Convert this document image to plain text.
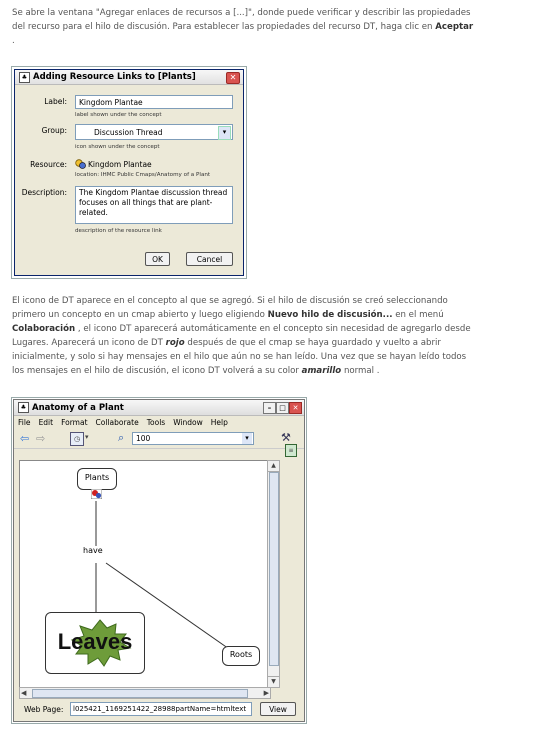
Se abre la ventana "Agregar enlaces de recursos a [...]", donde puede verificar y describir las propiedades
del recurso para el hilo de discusión. Para establecer las propiedades del recurso DT, haga clic en Aceptar
.
♣ Adding Resource Links to [Plants]	✕
Label:	Kingdom Plantae
label shown under the concept
Group:	Discussion Thread	▾
icon shown under the concept
Resource:	Kingdom Plantae
location: IHMC Public Cmaps/Anatomy of a Plant
Description:	The Kingdom Plantae discussion thread focuses on all things that are plant-related.
description of the resource link
OK	Cancel
El icono de DT aparece en el concepto al que se agregó. Si el hilo de discusión se creó seleccionando
primero un concepto en un cmap abierto y luego eligiendo Nuevo hilo de discusión... en el menú
Colaboración , el icono DT aparecerá automáticamente en el concepto sin necesidad de agregarlo desde
Lugares. Aparecerá un icono de DT rojo después de que el cmap se haya guardado y vuelto a abrir
inicialmente, y solo si hay mensajes en el hilo que aún no se han leído. Una vez que se hayan leído todos
los mensajes en el hilo de discusión, el icono DT volverá a su color amarillo normal .
♣ Anatomy of a Plant	–	□ ✕
File Edit Format Collaborate Tools Window Help
⇦ ⇨	◷ ▾	⌕	100	▾	⚒
≡
Plants
have
Leaves
Roots
▲
▼
◀	▶
Web Page:	l025421_1169251422_28988partName=htmltext	View
